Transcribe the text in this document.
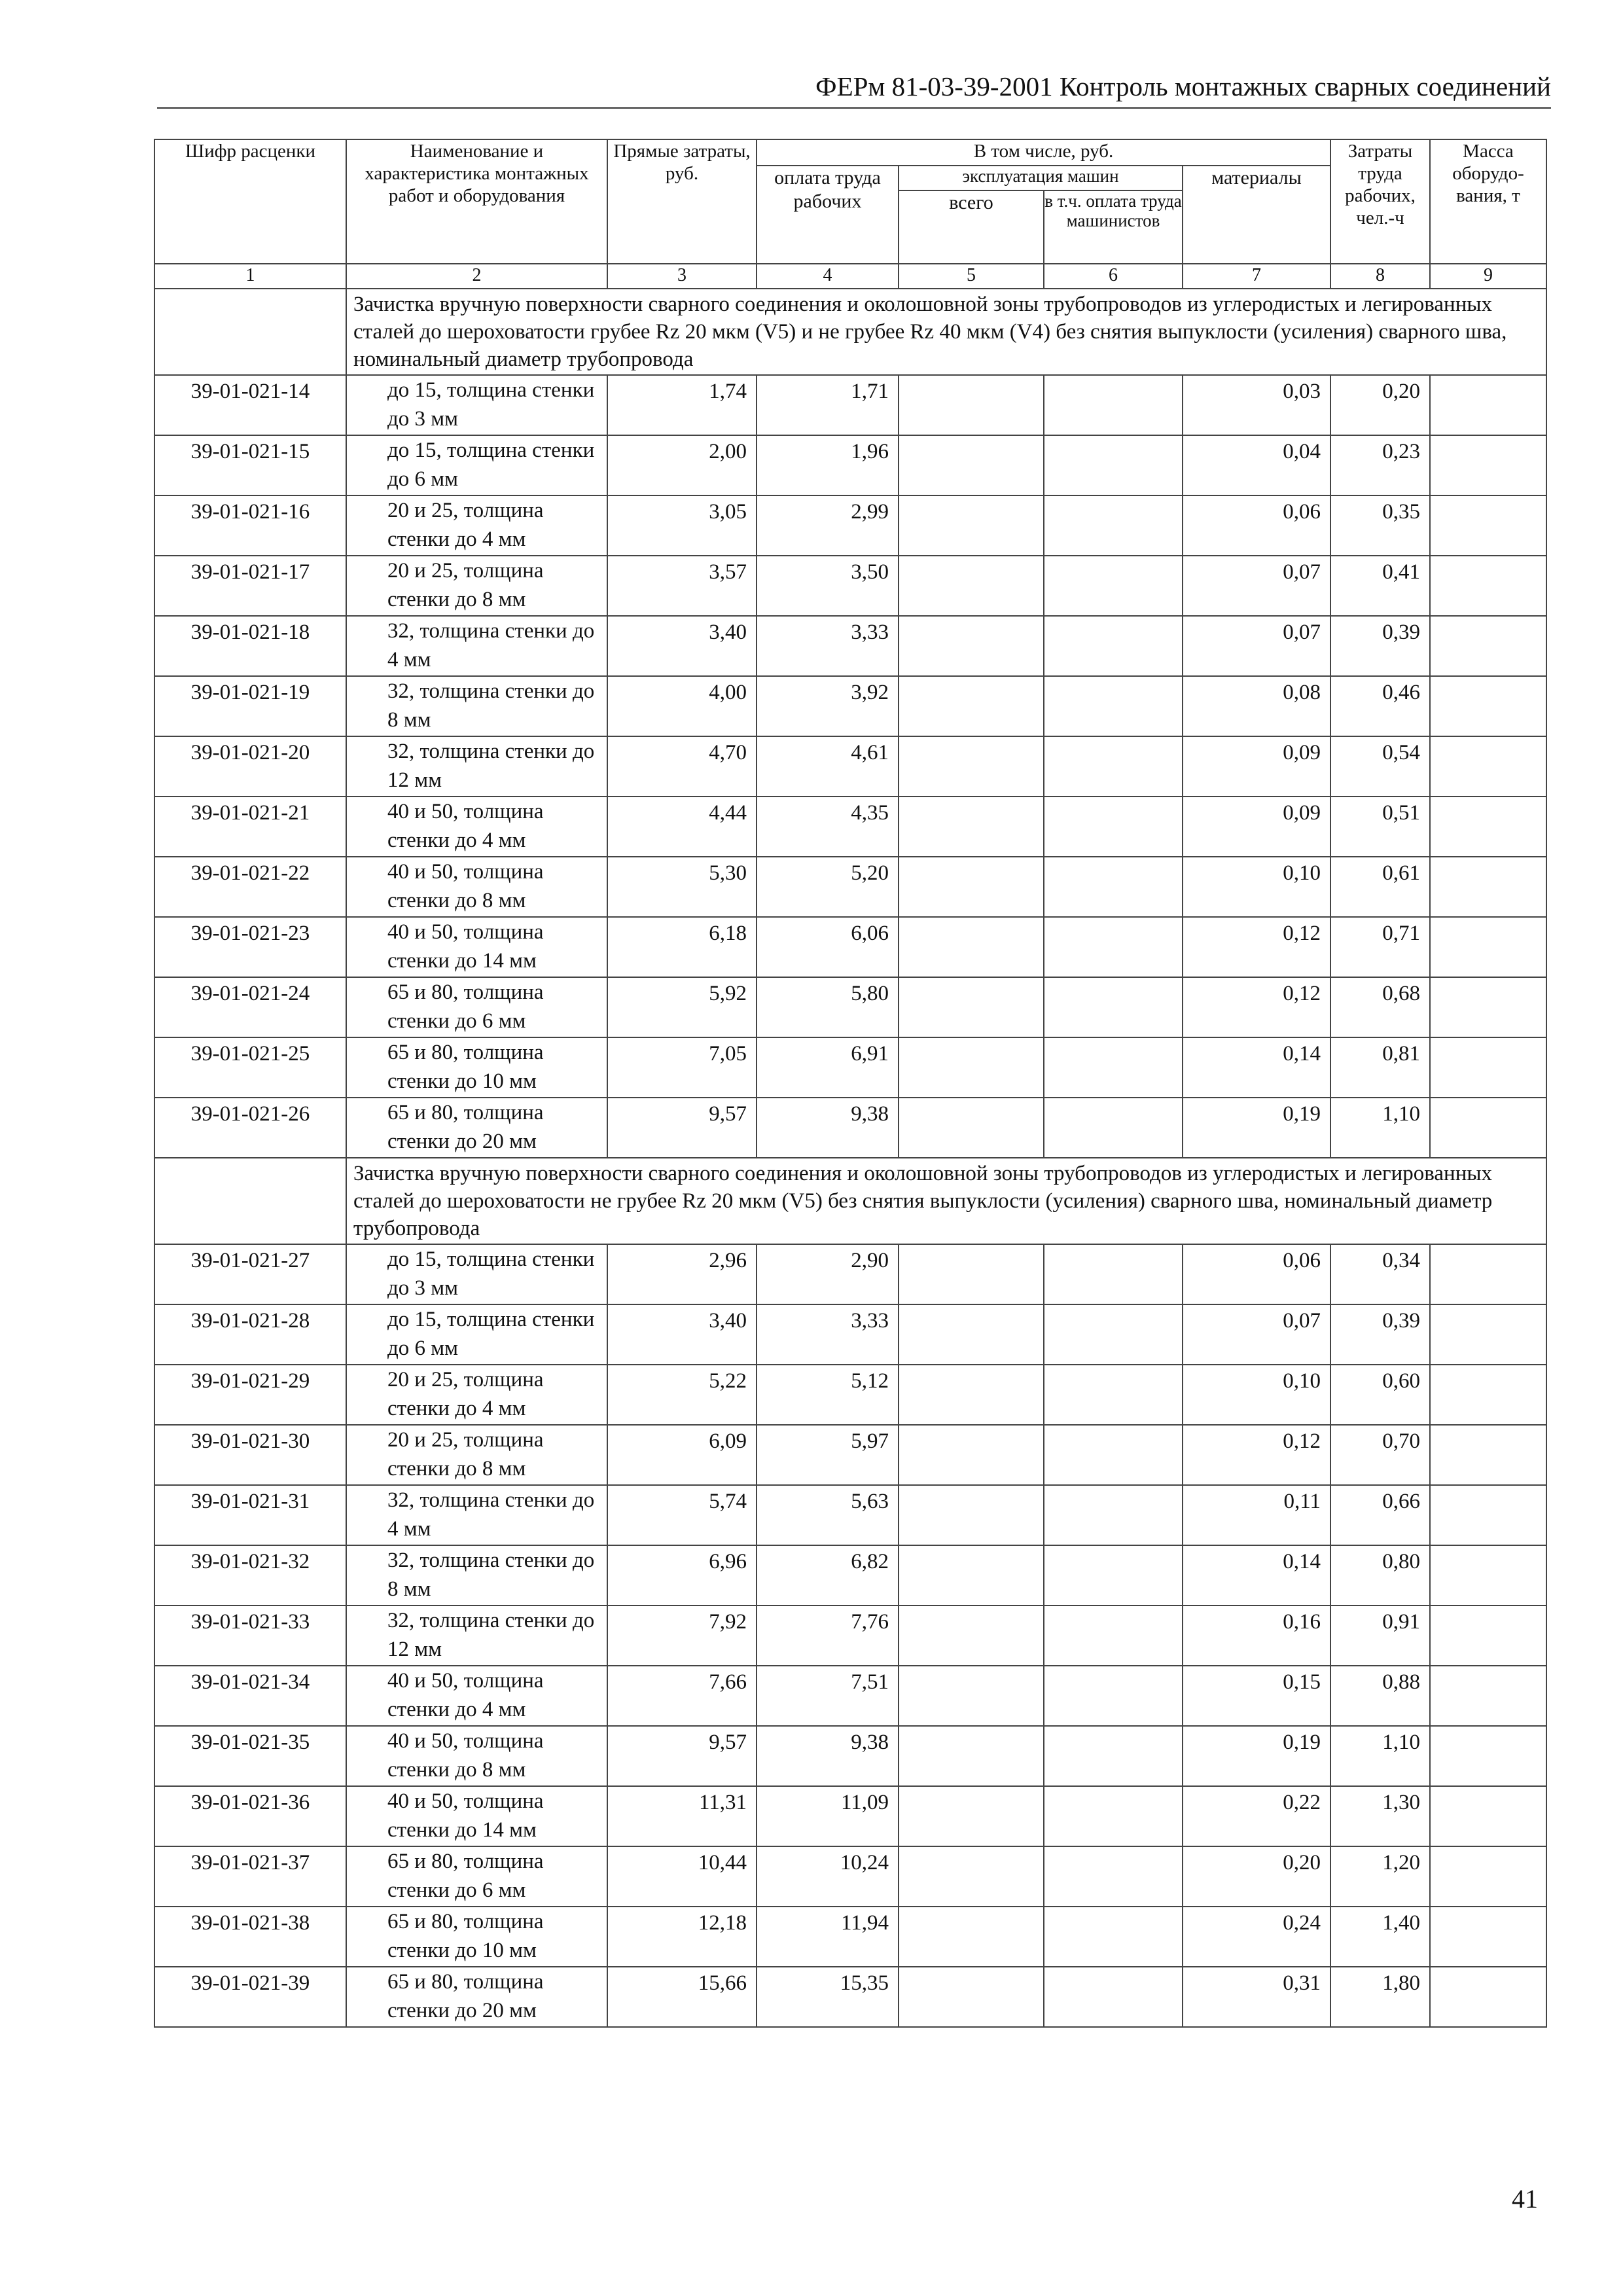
ФЕРм 81-03-39-2001 Контроль монтажных сварных соединений
Шифр расценки	Наименование и характеристика монтажных работ и оборудования	Прямые затраты, руб.	В том числе, руб.				Затраты труда рабочих, чел.-ч	Масса оборудо-вания, т
			оплата труда рабочих	эксплуатация машин		материалы		
				всего	в т.ч. оплата труда машинистов			
1	2	3	4	5	6	7	8	9
	Зачистка вручную поверхности сварного соединения и околошовной зоны трубопроводов из углеродистых и легированных сталей до шероховатости грубее Rz 20 мкм (V5) и не грубее Rz 40 мкм (V4) без снятия выпуклости (усиления) сварного шва, номинальный диаметр трубопровода							
39-01-021-14	до 15, толщина стенки до 3 мм	1,74	1,71			0,03	0,20	
39-01-021-15	до 15, толщина стенки до 6 мм	2,00	1,96			0,04	0,23	
39-01-021-16	20 и 25, толщина стенки до 4 мм	3,05	2,99			0,06	0,35	
39-01-021-17	20 и 25, толщина стенки до 8 мм	3,57	3,50			0,07	0,41	
39-01-021-18	32, толщина стенки до 4 мм	3,40	3,33			0,07	0,39	
39-01-021-19	32, толщина стенки до 8 мм	4,00	3,92			0,08	0,46	
39-01-021-20	32, толщина стенки до 12 мм	4,70	4,61			0,09	0,54	
39-01-021-21	40 и 50, толщина стенки до 4 мм	4,44	4,35			0,09	0,51	
39-01-021-22	40 и 50, толщина стенки до 8 мм	5,30	5,20			0,10	0,61	
39-01-021-23	40 и 50, толщина стенки до 14 мм	6,18	6,06			0,12	0,71	
39-01-021-24	65 и 80, толщина стенки до 6 мм	5,92	5,80			0,12	0,68	
39-01-021-25	65 и 80, толщина стенки до 10 мм	7,05	6,91			0,14	0,81	
39-01-021-26	65 и 80, толщина стенки до 20 мм	9,57	9,38			0,19	1,10	
	Зачистка вручную поверхности сварного соединения и околошовной зоны трубопроводов из углеродистых и легированных сталей до шероховатости не грубее Rz 20 мкм (V5) без снятия выпуклости (усиления) сварного шва, номинальный диаметр трубопровода							
39-01-021-27	до 15, толщина стенки до 3 мм	2,96	2,90			0,06	0,34	
39-01-021-28	до 15, толщина стенки до 6 мм	3,40	3,33			0,07	0,39	
39-01-021-29	20 и 25, толщина стенки до 4 мм	5,22	5,12			0,10	0,60	
39-01-021-30	20 и 25, толщина стенки до 8 мм	6,09	5,97			0,12	0,70	
39-01-021-31	32, толщина стенки до 4 мм	5,74	5,63			0,11	0,66	
39-01-021-32	32, толщина стенки до 8 мм	6,96	6,82			0,14	0,80	
39-01-021-33	32, толщина стенки до 12 мм	7,92	7,76			0,16	0,91	
39-01-021-34	40 и 50, толщина стенки до 4 мм	7,66	7,51			0,15	0,88	
39-01-021-35	40 и 50, толщина стенки до 8 мм	9,57	9,38			0,19	1,10	
39-01-021-36	40 и 50, толщина стенки до 14 мм	11,31	11,09			0,22	1,30	
39-01-021-37	65 и 80, толщина стенки до 6 мм	10,44	10,24			0,20	1,20	
39-01-021-38	65 и 80, толщина стенки до 10 мм	12,18	11,94			0,24	1,40	
39-01-021-39	65 и 80, толщина стенки до 20 мм	15,66	15,35			0,31	1,80	
41
